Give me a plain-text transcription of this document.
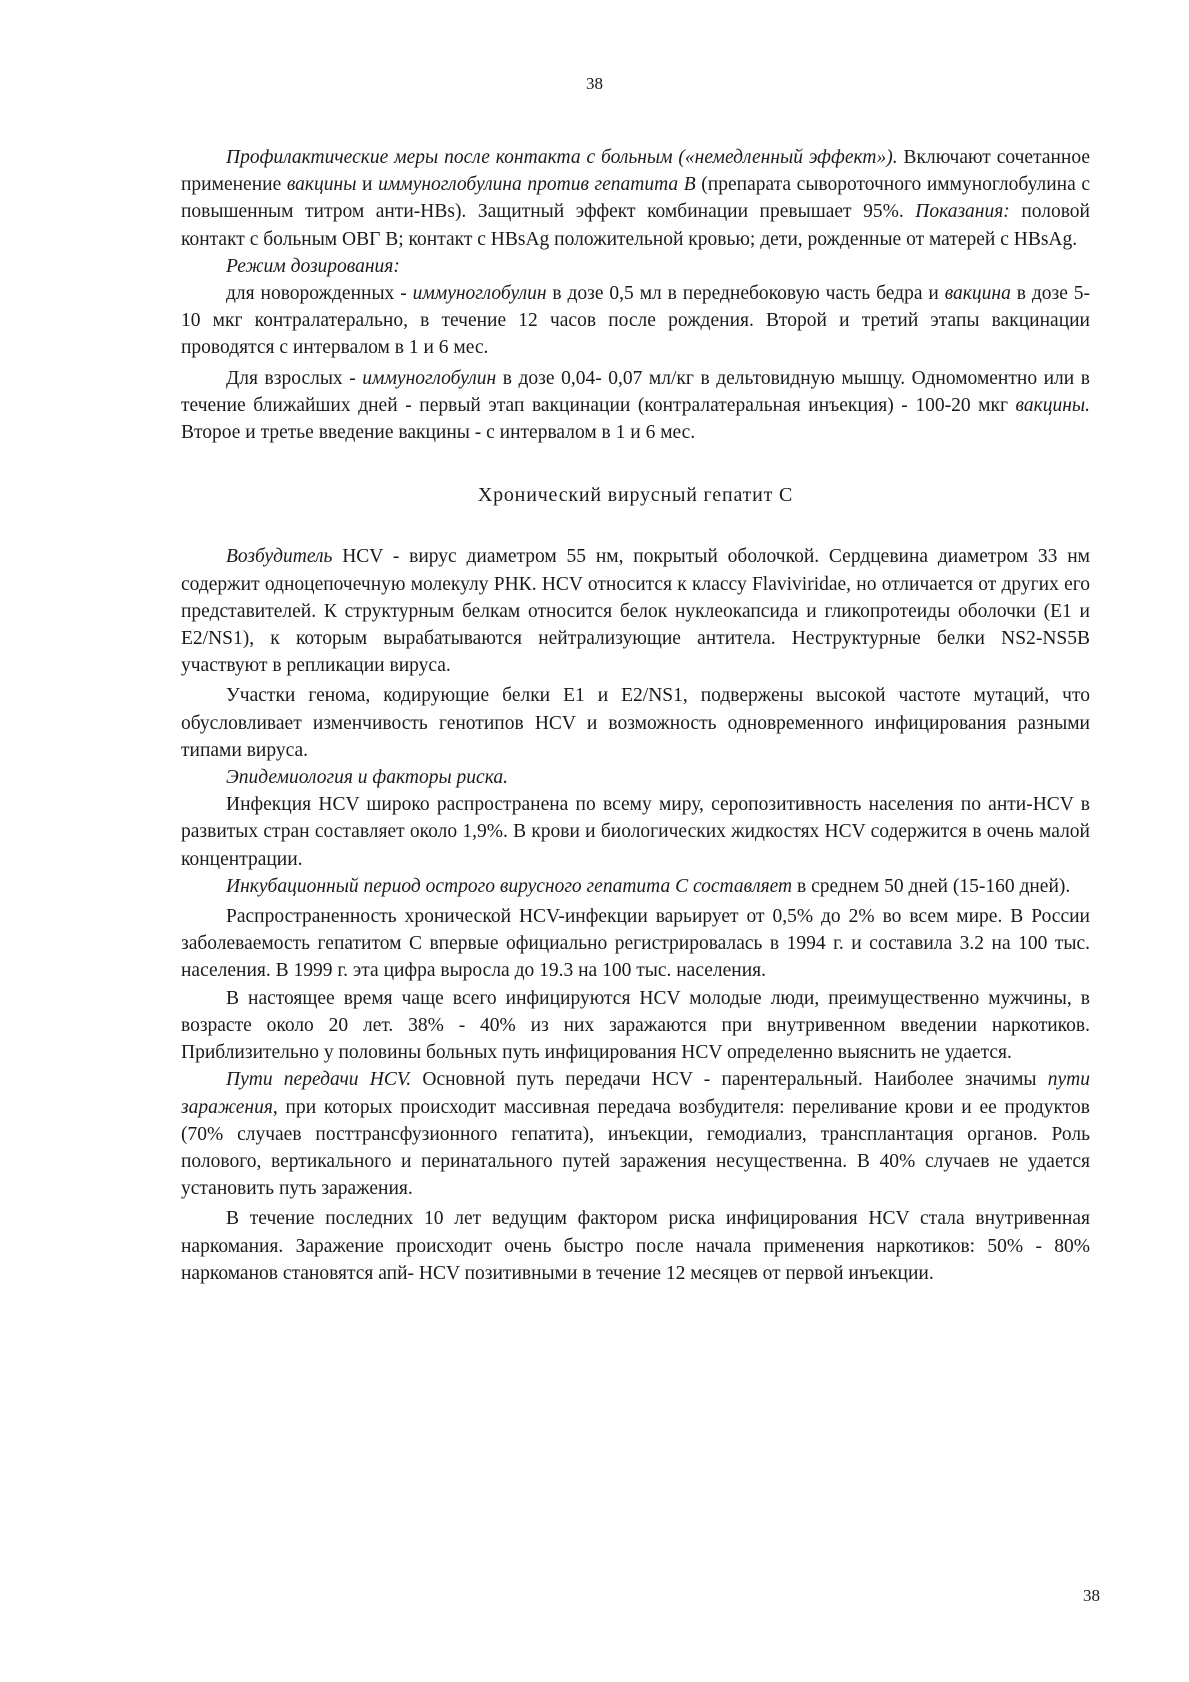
38

Профилактические меры после контакта с больным («немедленный эффект»). Включают сочетанное применение вакцины и иммуноглобулина против гепатита В (препарата сывороточного иммуноглобулина с повышенным титром анти-HBs). Защитный эффект комбинации превышает 95%. Показания: половой контакт с больным ОВГ В; контакт с HBsAg положительной кровью; дети, рожденные от матерей с HBsAg.

Режим дозирования:

для новорожденных - иммуноглобулин в дозе 0,5 мл в переднебоковую часть бедра и вакцина в дозе 5-10 мкг контралатерально, в течение 12 часов после рождения. Второй и третий этапы вакцинации проводятся с интервалом в 1 и 6 мес.

Для взрослых - иммуноглобулин в дозе 0,04- 0,07 мл/кг в дельтовидную мышцу. Одномоментно или в течение ближайших дней - первый этап вакцинации (контралатеральная инъекция) - 100-20 мкг вакцины. Второе и третье введение вакцины - с интервалом в 1 и 6 мес.

Хронический вирусный гепатит С

Возбудитель HCV - вирус диаметром 55 нм, покрытый оболочкой. Сердцевина диаметром 33 нм содержит одноцепочечную молекулу РНК. HCV относится к классу Flaviviridae, но отличается от других его представителей. К структурным белкам относится белок нуклеокапсида и гликопротеиды оболочки (E1 и E2/NS1), к которым вырабатываются нейтрализующие антитела. Неструктурные белки NS2-NS5B участвуют в репликации вируса.

Участки генома, кодирующие белки E1 и E2/NS1, подвержены высокой частоте мутаций, что обусловливает изменчивость генотипов HCV и возможность одновременного инфицирования разными типами вируса.

Эпидемиология и факторы риска.

Инфекция HCV широко распространена по всему миру, серопозитивность населения по анти-HCV в развитых стран составляет около 1,9%. В крови и биологических жидкостях HCV содержится в очень малой концентрации.

Инкубационный период острого вирусного гепатита С составляет в среднем 50 дней (15-160 дней).

Распространенность хронической HCV-инфекции варьирует от 0,5% до 2% во всем мире. В России заболеваемость гепатитом С впервые официально регистрировалась в 1994 г. и составила 3.2 на 100 тыс. населения. В 1999 г. эта цифра выросла до 19.3 на 100 тыс. населения.

В настоящее время чаще всего инфицируются HCV молодые люди, преимущественно мужчины, в возрасте около 20 лет. 38% - 40% из них заражаются при внутривенном введении наркотиков. Приблизительно у половины больных путь инфицирования HCV определенно выяснить не удается.

Пути передачи HCV. Основной путь передачи HCV - парентеральный. Наиболее значимы пути заражения, при которых происходит массивная передача возбудителя: переливание крови и ее продуктов (70% случаев посттрансфузионного гепатита), инъекции, гемодиализ, трансплантация органов. Роль полового, вертикального и перинатального путей заражения несущественна. В 40% случаев не удается установить путь заражения.

В течение последних 10 лет ведущим фактором риска инфицирования HCV стала внутривенная наркомания. Заражение происходит очень быстро после начала применения наркотиков: 50% - 80% наркоманов становятся апй- HCV позитивными в течение 12 месяцев от первой инъекции.

38
